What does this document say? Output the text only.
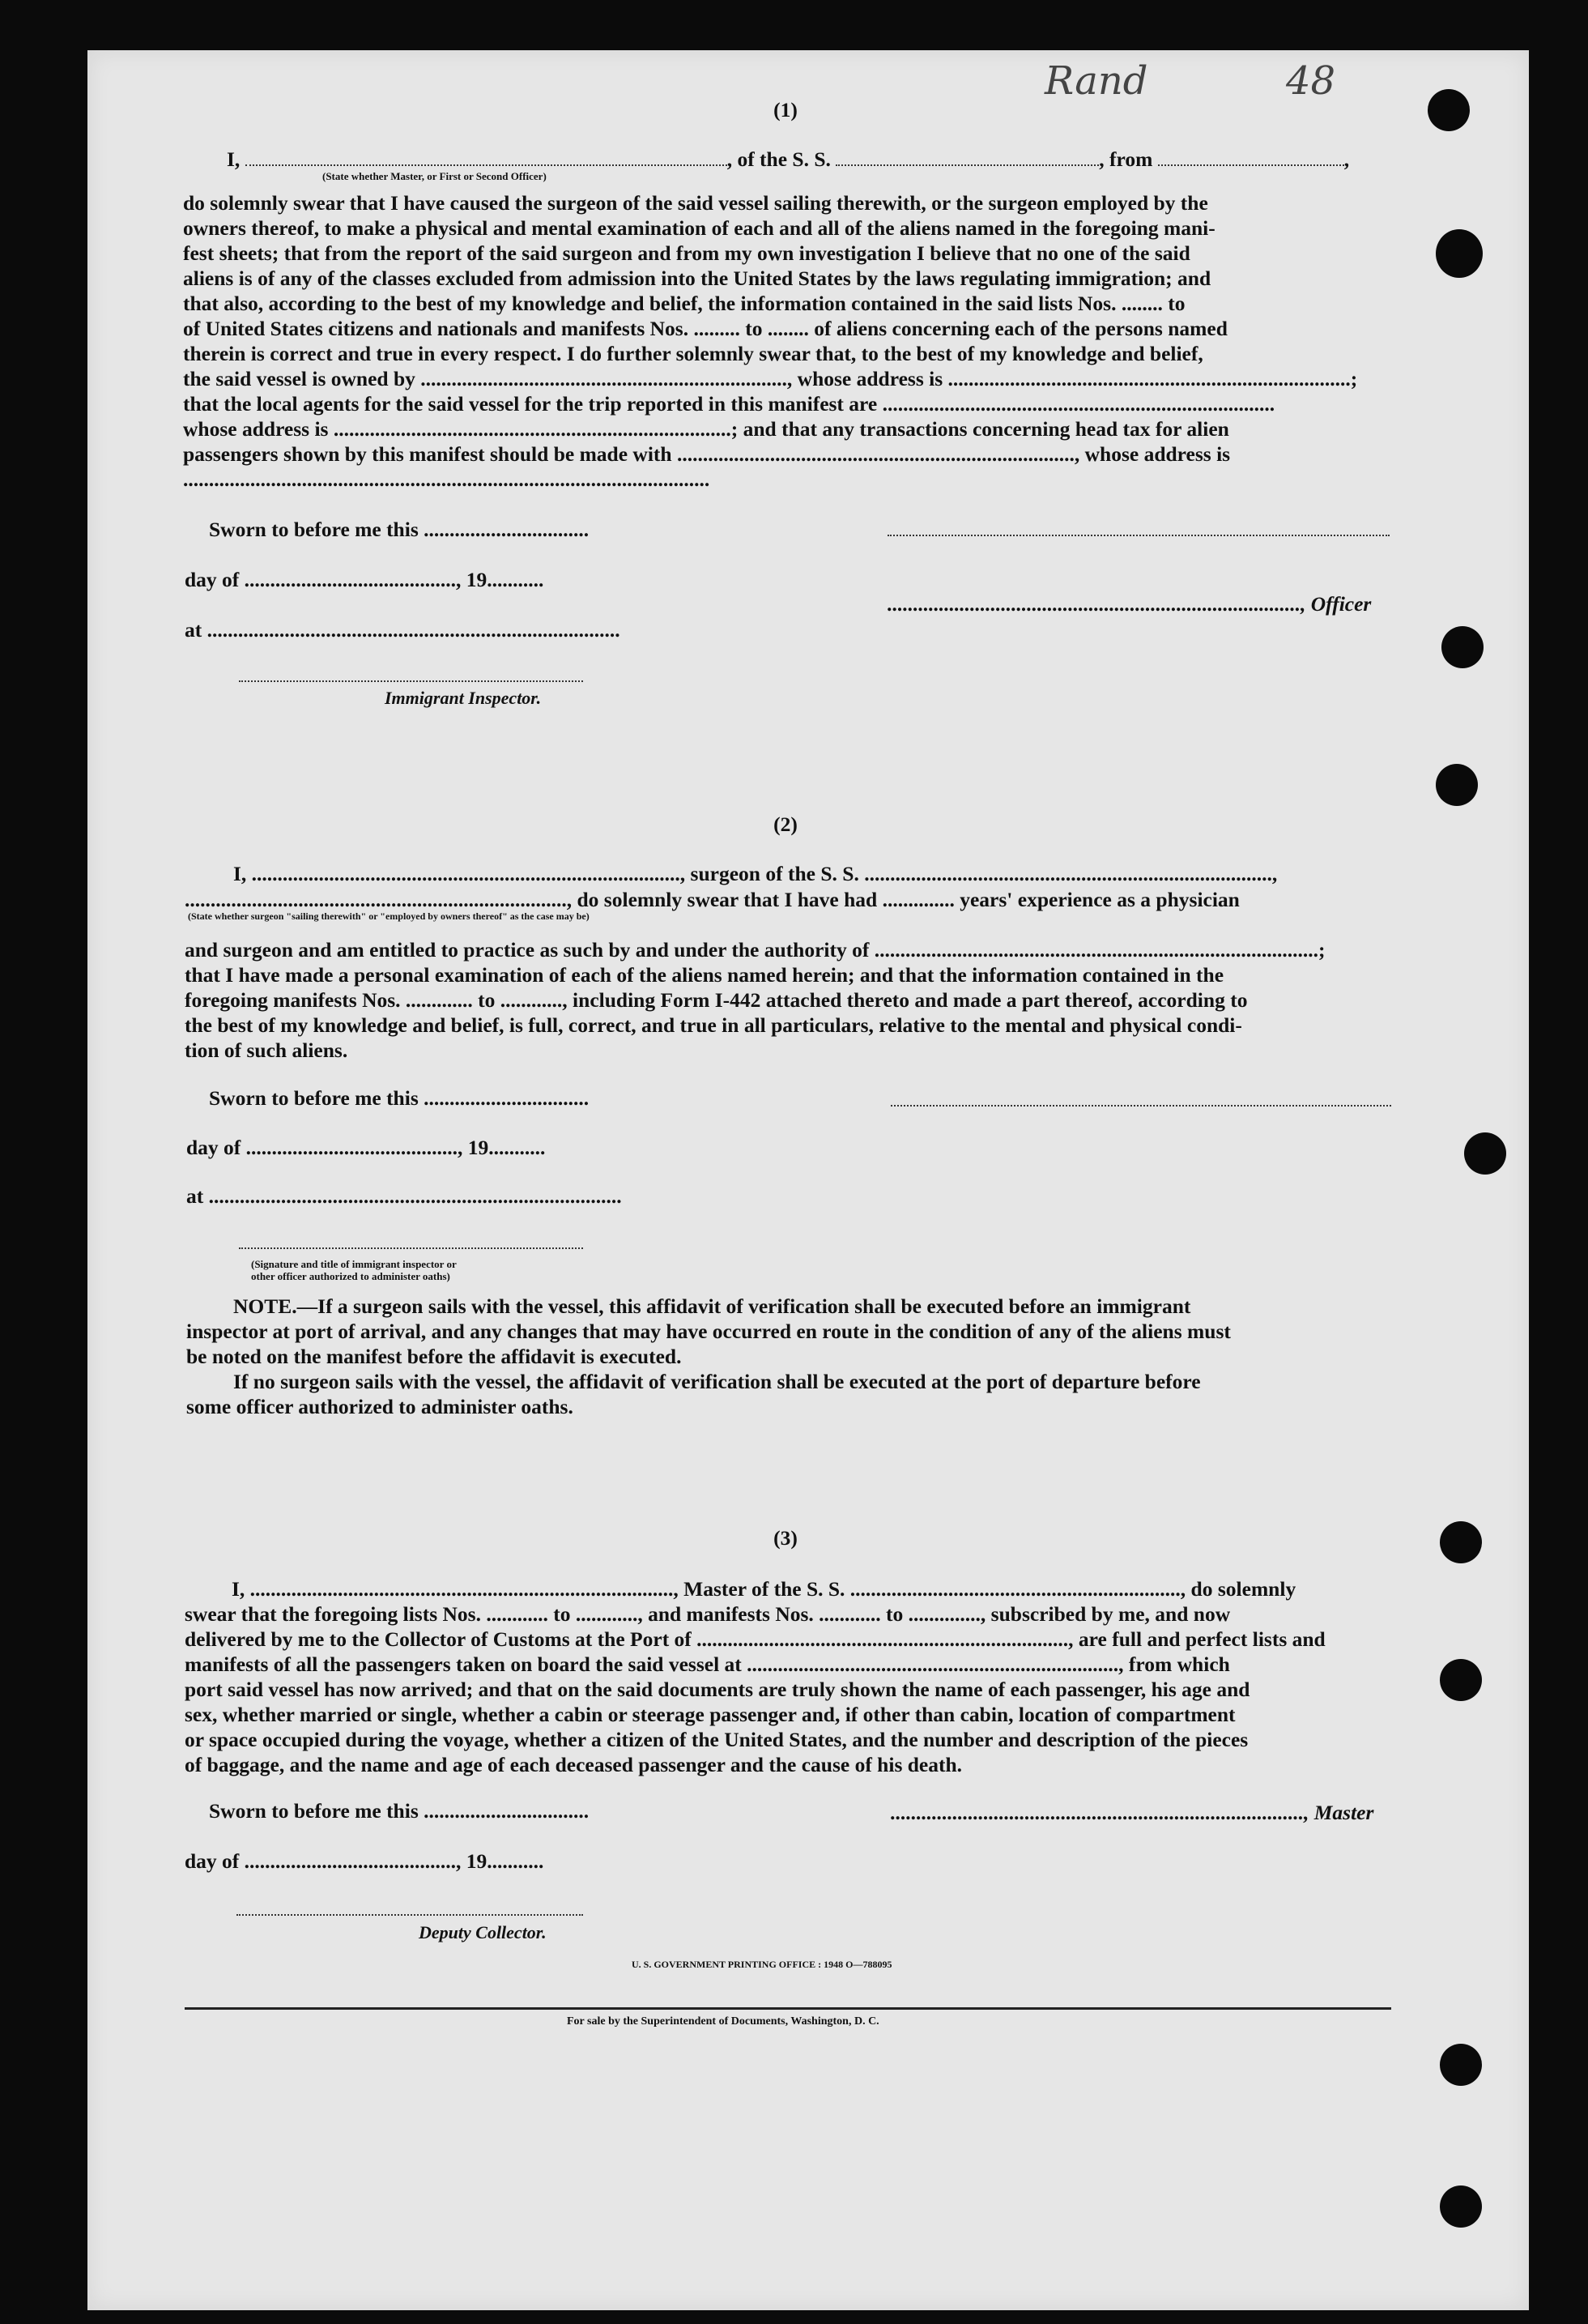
Rand	48
(1)
I,	, of the S. S.	, from	,
(State whether Master, or First or Second Officer)

do solemnly swear that I have caused the surgeon of the said vessel sailing therewith, or the surgeon employed by the

owners thereof, to make a physical and mental examination of each and all of the aliens named in the foregoing mani-

fest sheets; that from the report of the said surgeon and from my own investigation I believe that no one of the said

aliens is of any of the classes excluded from admission into the United States by the laws regulating immigration; and

that also, according to the best of my knowledge and belief, the information contained in the said lists Nos. ........ to

of United States citizens and nationals and manifests Nos. ......... to ........ of aliens concerning each of the persons named

therein is correct and true in every respect. I do further solemnly swear that, to the best of my knowledge and belief,

the said vessel is owned by ......................................................................., whose address is ..............................................................................;

that the local agents for the said vessel for the trip reported in this manifest are ............................................................................

whose address is .............................................................................; and that any transactions concerning head tax for alien

passengers shown by this manifest should be made with ............................................................................., whose address is

......................................................................................................

Sworn to before me this ................................
day of ........................................., 19...........
................................................................................, Officer
at ................................................................................
Immigrant Inspector.
(2)
I, ..................................................................................., surgeon of the S. S. ...............................................................................,
.........................................................................., do solemnly swear that I have had .............. years' experience as a physician
(State whether surgeon "sailing therewith" or "employed by owners thereof" as the case may be)

and surgeon and am entitled to practice as such by and under the authority of ......................................................................................;

that I have made a personal examination of each of the aliens named herein; and that the information contained in the

foregoing manifests Nos. ............. to ............, including Form I-442 attached thereto and made a part thereof, according to

the best of my knowledge and belief, is full, correct, and true in all particulars, relative to the mental and physical condi-

tion of such aliens.

Sworn to before me this ................................
day of ........................................., 19...........
at ................................................................................
(Signature and title of immigrant inspector or
other officer authorized to administer oaths)

NOTE.—If a surgeon sails with the vessel, this affidavit of verification shall be executed before an immigrant

inspector at port of arrival, and any changes that may have occurred en route in the condition of any of the aliens must

be noted on the manifest before the affidavit is executed.

If no surgeon sails with the vessel, the affidavit of verification shall be executed at the port of departure before

some officer authorized to administer oaths.

(3)

I, .................................................................................., Master of the S. S. ................................................................, do solemnly

swear that the foregoing lists Nos. ............ to ............, and manifests Nos. ............ to .............., subscribed by me, and now

delivered by me to the Collector of Customs at the Port of ........................................................................, are full and perfect lists and

manifests of all the passengers taken on board the said vessel at ........................................................................, from which

port said vessel has now arrived; and that on the said documents are truly shown the name of each passenger, his age and

sex, whether married or single, whether a cabin or steerage passenger and, if other than cabin, location of compartment

or space occupied during the voyage, whether a citizen of the United States, and the number and description of the pieces

of baggage, and the name and age of each deceased passenger and the cause of his death.

Sworn to before me this ................................	................................................................................, Master
day of ........................................., 19...........
Deputy Collector.
U. S. GOVERNMENT PRINTING OFFICE : 1948 O—788095
For sale by the Superintendent of Documents, Washington, D. C.
